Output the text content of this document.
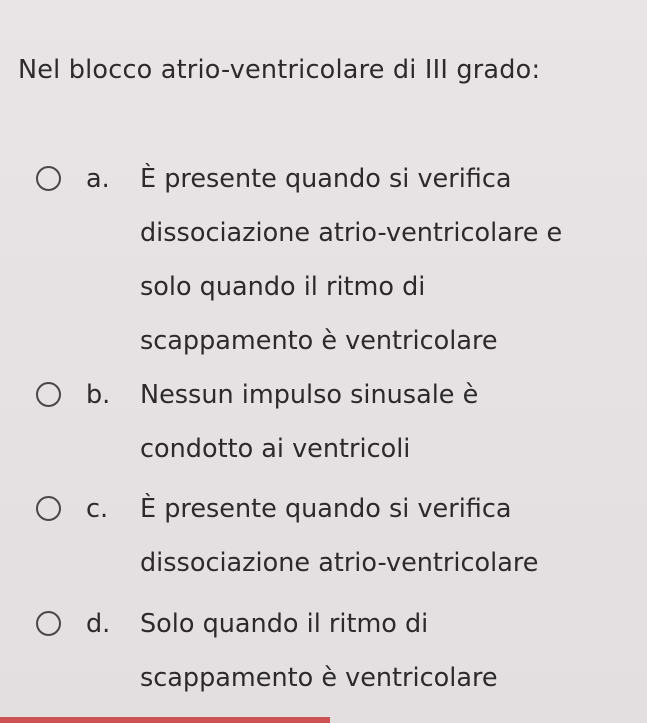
Nel blocco atrio-ventricolare di III grado:
a. È presente quando si verifica
dissociazione atrio-ventricolare e
solo quando il ritmo di
scappamento è ventricolare
b. Nessun impulso sinusale è
condotto ai ventricoli
c. È presente quando si verifica
dissociazione atrio-ventricolare
d. Solo quando il ritmo di
scappamento è ventricolare
